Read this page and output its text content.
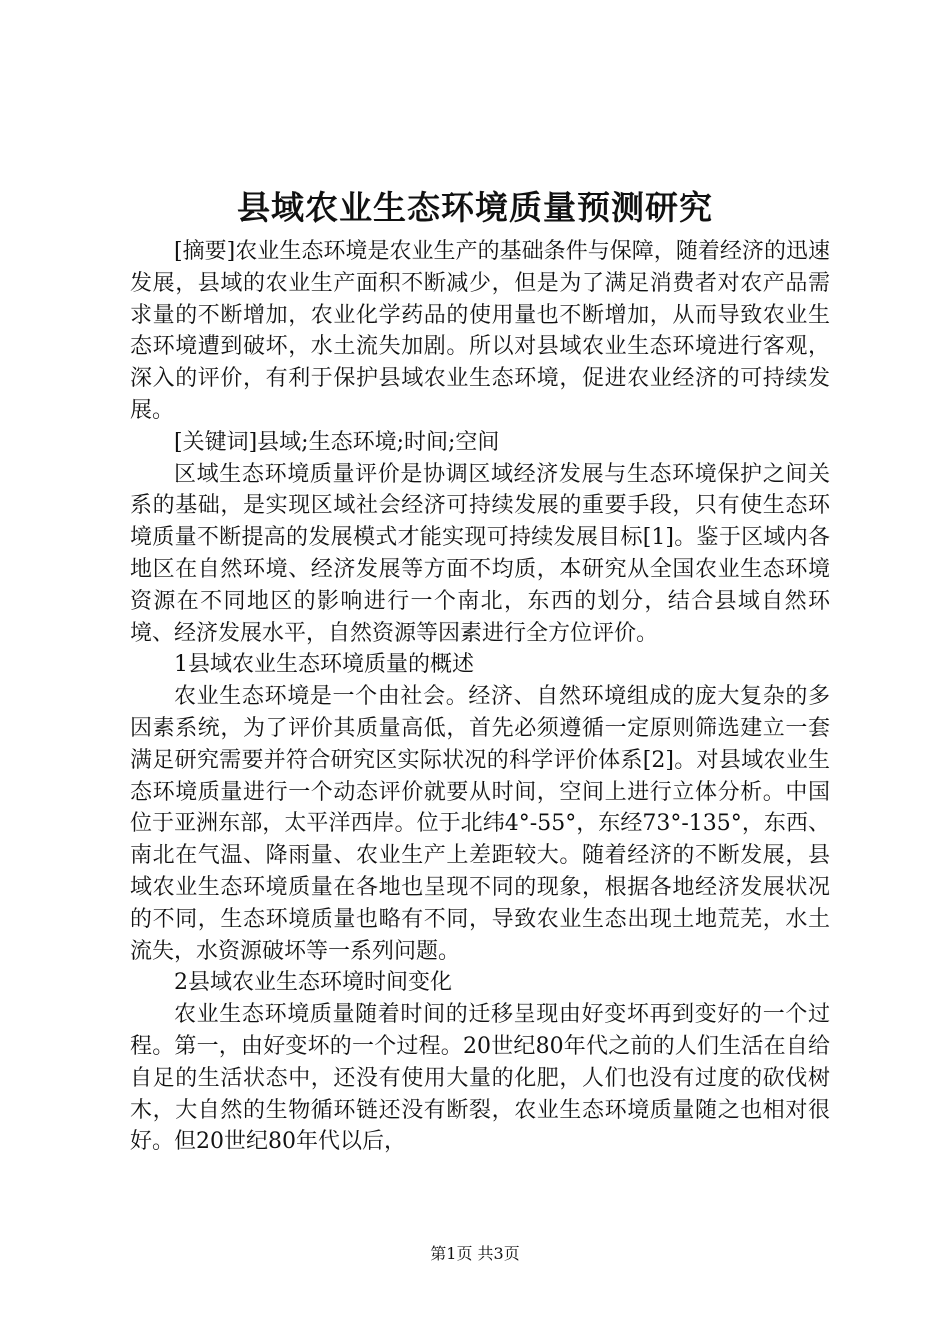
县域农业生态环境质量预测研究

[摘要]农业生态环境是农业生产的基础条件与保障，随着经济的迅速发展，县域的农业生产面积不断减少，但是为了满足消费者对农产品需求量的不断增加，农业化学药品的使用量也不断增加，从而导致农业生态环境遭到破坏，水土流失加剧。所以对县域农业生态环境进行客观，深入的评价，有利于保护县域农业生态环境，促进农业经济的可持续发展。

[关键词]县域;生态环境;时间;空间

区域生态环境质量评价是协调区域经济发展与生态环境保护之间关系的基础，是实现区域社会经济可持续发展的重要手段，只有使生态环境质量不断提高的发展模式才能实现可持续发展目标[1]。鉴于区域内各地区在自然环境、经济发展等方面不均质，本研究从全国农业生态环境资源在不同地区的影响进行一个南北，东西的划分，结合县域自然环境、经济发展水平，自然资源等因素进行全方位评价。

1县域农业生态环境质量的概述

农业生态环境是一个由社会。经济、自然环境组成的庞大复杂的多因素系统，为了评价其质量高低，首先必须遵循一定原则筛选建立一套满足研究需要并符合研究区实际状况的科学评价体系[2]。对县域农业生态环境质量进行一个动态评价就要从时间，空间上进行立体分析。中国位于亚洲东部，太平洋西岸。位于北纬4°-55°，东经73°-135°，东西、南北在气温、降雨量、农业生产上差距较大。随着经济的不断发展，县域农业生态环境质量在各地也呈现不同的现象，根据各地经济发展状况的不同，生态环境质量也略有不同，导致农业生态出现土地荒芜，水土流失，水资源破坏等一系列问题。

2县域农业生态环境时间变化

农业生态环境质量随着时间的迁移呈现由好变坏再到变好的一个过程。第一，由好变坏的一个过程。20世纪80年代之前的人们生活在自给自足的生活状态中，还没有使用大量的化肥，人们也没有过度的砍伐树木，大自然的生物循环链还没有断裂，农业生态环境质量随之也相对很好。但20世纪80年代以后，

第1页 共3页
